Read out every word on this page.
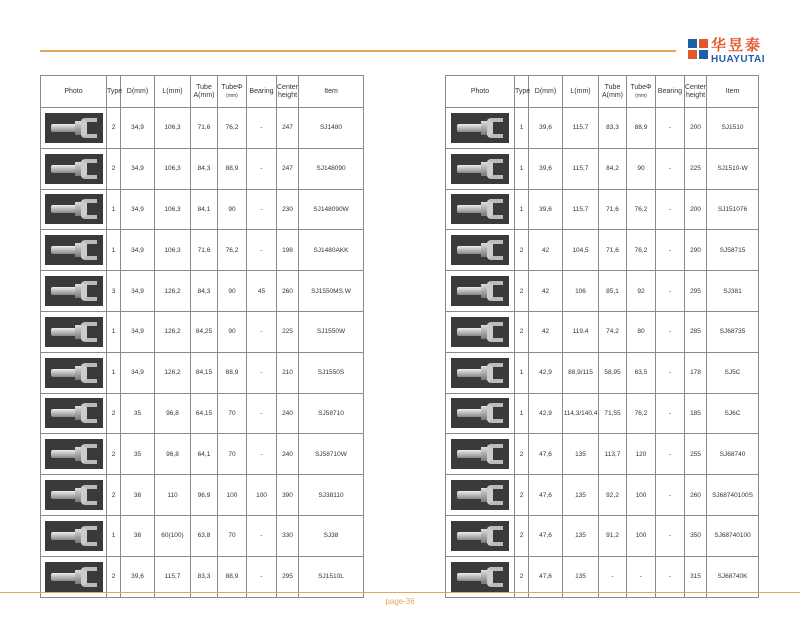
华昱泰
HUAYUTAI
Photo	Type	D(mm)	L(mm)	Tube
A(mm)	TubeΦ
(mm)	Bearing	Center
height	Item

	2	34,9	106,3	71,6	76,2	-	247	SJ1480

	2	34,9	106,3	84,3	88,9	-	247	SJ148090

	1	34,9	106,3	84,1	90	-	230	SJ148090W

	1	34,9	106,3	71,6	76,2	-	198	SJ1480AKK

	3	34,9	126,2	84,3	90	45	260	SJ1550MS.W

	1	34,9	126,2	84,25	90	-	225	SJ1550W

	1	34,9	126,2	84,15	88,9	-	210	SJ1550S

	2	35	96,8	64,15	70	-	240	SJ58710

	2	35	96,8	64,1	70	-	240	SJ58710W

	2	38	110	96,9	100	100	390	SJ38110

	1	38	60(100)	63,8	70	-	330	SJ38

	2	39,6	115,7	83,3	88,9	-	295	SJ1510L
Photo	Type	D(mm)	L(mm)	Tube
A(mm)	TubeΦ
(mm)	Bearing	Center
height	Item

	1	39,6	115,7	83,3	88,9	-	200	SJ1510

	1	39,6	115,7	84,2	90	-	225	SJ1510-W

	1	39,6	115,7	71,6	76,2	-	200	SJ151076

	2	42	104,5	71,6	76,2	-	290	SJ58715

	2	42	106	85,1	92	-	295	SJ381

	2	42	119,4	74,2	80	-	285	SJ68735

	1	42,9	88,9/115	58,95	63,5	-	178	SJ5C

	1	42,9	114,3/140,4	71,55	76,2	-	185	SJ6C

	2	47,6	135	113,7	120	-	255	SJ68740

	2	47,6	135	92,2	100	-	260	SJ68740100S

	2	47,6	135	91,2	100	-	350	SJ68740100

	2	47,6	135	-	-	-	315	SJ68740K
page-36
